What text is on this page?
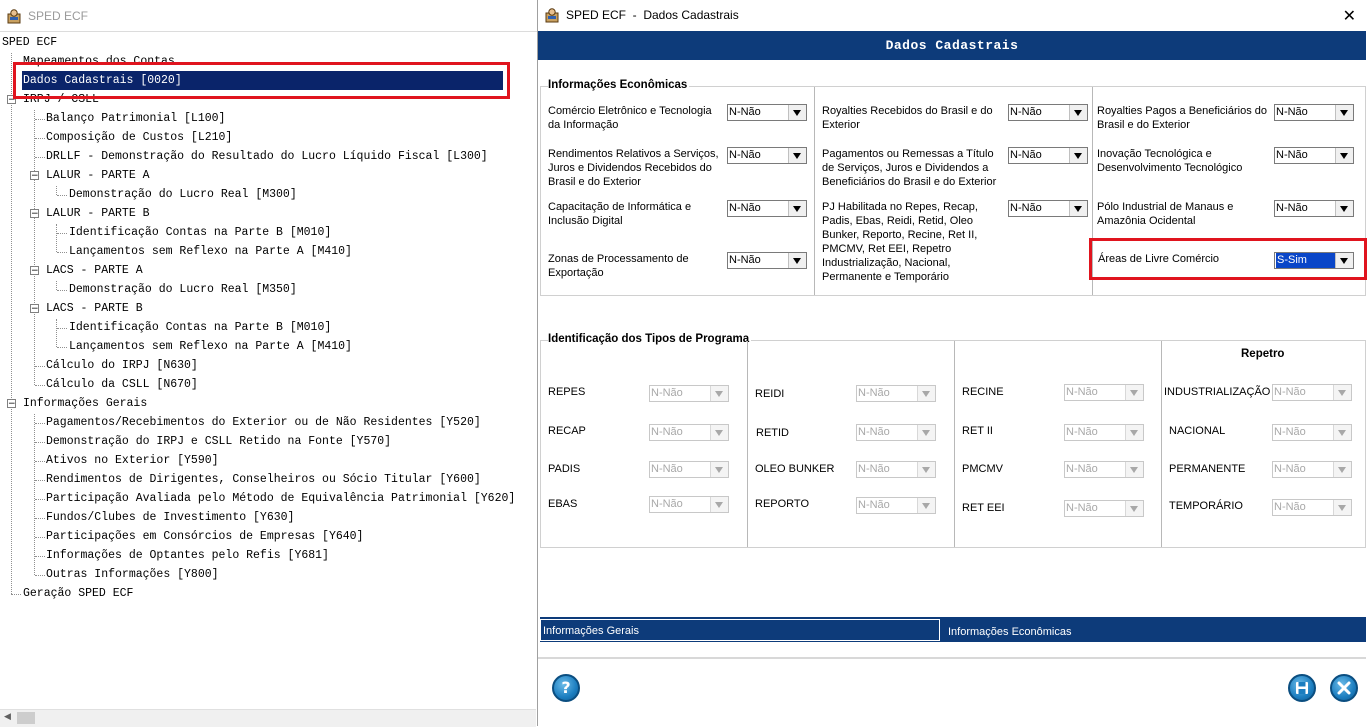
SPED ECF
SPED ECF
Mapeamentos dos Contas
Dados Cadastrais [0020]
− IRPJ / CSLL
Balanço Patrimonial [L100]
Composição de Custos [L210]
DRLLF - Demonstração do Resultado do Lucro Líquido Fiscal [L300]
− LALUR - PARTE A
Demonstração do Lucro Real [M300]
− LALUR - PARTE B
Identificação Contas na Parte B [M010]
Lançamentos sem Reflexo na Parte A [M410]
− LACS - PARTE A
Demonstração do Lucro Real [M350]
− LACS - PARTE B
Identificação Contas na Parte B [M010]
Lançamentos sem Reflexo na Parte A [M410]
Cálculo do IRPJ [N630]
Cálculo da CSLL [N670]
− Informações Gerais
Pagamentos/Recebimentos do Exterior ou de Não Residentes [Y520]
Demonstração do IRPJ e CSLL Retido na Fonte [Y570]
Ativos no Exterior [Y590]
Rendimentos de Dirigentes, Conselheiros ou Sócio Titular [Y600]
Participação Avaliada pelo Método de Equivalência Patrimonial [Y620]
Fundos/Clubes de Investimento [Y630]
Participações em Consórcios de Empresas [Y640]
Informações de Optantes pelo Refis [Y681]
Outras Informações [Y800]
Geração SPED ECF
◀
SPED ECF  -  Dados Cadastrais	✕
Dados Cadastrais
Informações Econômicas
Comércio Eletrônico e Tecnologia da Informação
N-Não
Rendimentos Relativos a Serviços, Juros e Dividendos Recebidos do Brasil e do Exterior
N-Não
Capacitação de Informática e Inclusão Digital
N-Não
Zonas de Processamento de Exportação
N-Não
Royalties Recebidos do Brasil e do Exterior
N-Não
Pagamentos ou Remessas a Título de Serviços, Juros e Dividendos a Beneficiários do Brasil e do Exterior
N-Não
PJ Habilitada no Repes, Recap, Padis, Ebas, Reidi, Retid, Oleo Bunker, Reporto, Recine, Ret II, PMCMV, Ret EEI, Repetro Industrialização, Nacional, Permanente e Temporário
N-Não
Royalties Pagos a Beneficiários do Brasil e do Exterior
N-Não
Inovação Tecnológica e Desenvolvimento Tecnológico
N-Não
Pólo Industrial de Manaus e Amazônia Ocidental
N-Não
Áreas de Livre Comércio	S-Sim
Identificação dos Tipos de Programa
REPES	N-Não
RECAP	N-Não
PADIS	N-Não
EBAS	N-Não
REIDI	N-Não
RETID	N-Não
OLEO BUNKER N-Não
REPORTO	N-Não
RECINE	N-Não
RET II	N-Não
PMCMV	N-Não
RET EEI	N-Não
Repetro
INDUSTRIALIZAÇÃO N-Não
NACIONAL	N-Não
PERMANENTE	N-Não
TEMPORÁRIO	N-Não
Informações Gerais	Informações Econômicas
?
